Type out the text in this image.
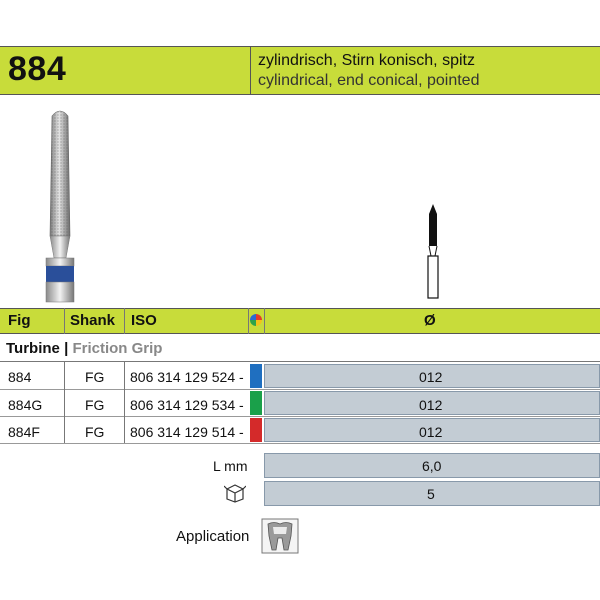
884	zylindrisch, Stirn konisch, spitz
cylindrical, end conical, pointed
Fig	Shank ISO	Ø
Turbine | Friction Grip
884	FG 806 314 129 524 -	012
884G	FG 806 314 129 534 -	012
884F	FG 806 314 129 514 -	012
L mm	6,0
5
Application
